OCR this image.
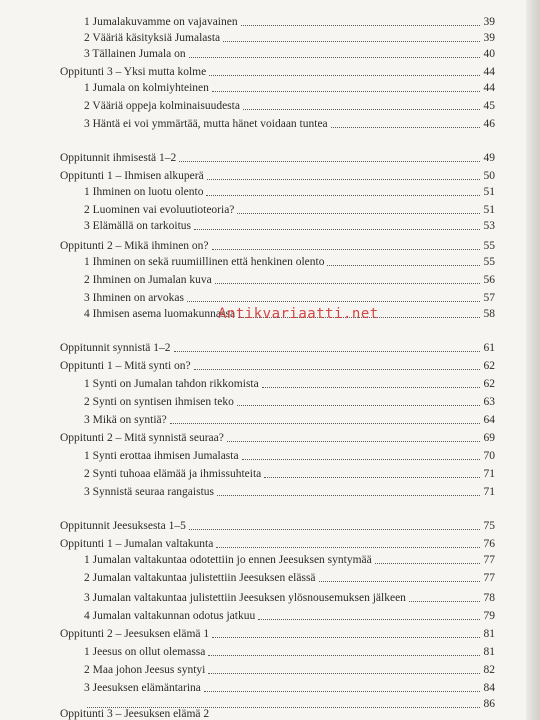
1 Jumalakuvamme on vajavainen	39
2 Vääriä käsityksiä Jumalasta	39
3 Tällainen Jumala on	40
Oppitunti 3 – Yksi mutta kolme	44
1 Jumala on kolmiyhteinen	44
2 Vääriä oppeja kolminaisuudesta	45
3 Häntä ei voi ymmärtää, mutta hänet voidaan tuntea	46
Oppitunnit ihmisestä 1–2	49
Oppitunti 1 – Ihmisen alkuperä	50
1 Ihminen on luotu olento	51
2 Luominen vai evoluutioteoria?	51
3 Elämällä on tarkoitus	53
Oppitunti 2 – Mikä ihminen on?	55
1 Ihminen on sekä ruumiillinen että henkinen olento	55
2 Ihminen on Jumalan kuva	56
3 Ihminen on arvokas	57
4 Ihmisen asema luomakunnassa	58
Oppitunnit synnistä 1–2	61
Oppitunti 1 – Mitä synti on?	62
1 Synti on Jumalan tahdon rikkomista	62
2 Synti on syntisen ihmisen teko	63
3 Mikä on syntiä?	64
Oppitunti 2 – Mitä synnistä seuraa?	69
1 Synti erottaa ihmisen Jumalasta	70
2 Synti tuhoaa elämää ja ihmissuhteita	71
3 Synnistä seuraa rangaistus	71
Oppitunnit Jeesuksesta 1–5	75
Oppitunti 1 – Jumalan valtakunta	76
1 Jumalan valtakuntaa odotettiin jo ennen Jeesuksen syntymää	77
2 Jumalan valtakuntaa julistettiin Jeesuksen elässä	77
3 Jumalan valtakuntaa julistettiin Jeesuksen ylösnousemuksen jälkeen	78
4 Jumalan valtakunnan odotus jatkuu	79
Oppitunti 2 – Jeesuksen elämä 1	81
1 Jeesus on ollut olemassa	81
2 Maa johon Jeesus syntyi	82
3 Jeesuksen elämäntarina	84
86
Oppitunti 3 – Jeesuksen elämä 2
Antikvariaatti.net
